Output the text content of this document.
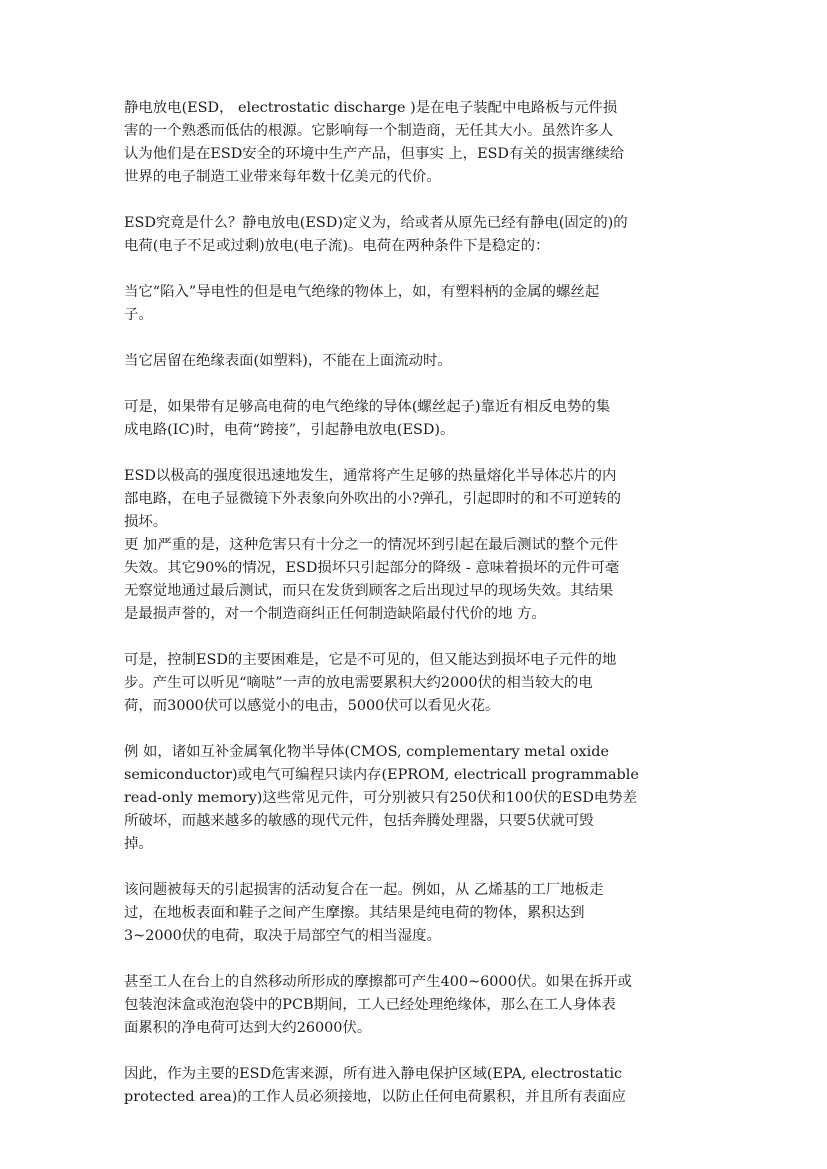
静电放电(ESD， electrostatic discharge )是在电子装配中电路板与元件损
害的一个熟悉而低估的根源。它影响每一个制造商，无任其大小。虽然许多人
认为他们是在ESD安全的环境中生产产品，但事实 上，ESD有关的损害继续给
世界的电子制造工业带来每年数十亿美元的代价。

ESD究竟是什么？静电放电(ESD)定义为，给或者从原先已经有静电(固定的)的
电荷(电子不足或过剩)放电(电子流)。电荷在两种条件下是稳定的：

当它“陷入”导电性的但是电气绝缘的物体上，如，有塑料柄的金属的螺丝起
子。

当它居留在绝缘表面(如塑料)，不能在上面流动时。

可是，如果带有足够高电荷的电气绝缘的导体(螺丝起子)靠近有相反电势的集
成电路(IC)时，电荷“跨接”，引起静电放电(ESD)。

ESD以极高的强度很迅速地发生，通常将产生足够的热量熔化半导体芯片的内
部电路，在电子显微镜下外表象向外吹出的小?弹孔，引起即时的和不可逆转的
损坏。

更 加严重的是，这种危害只有十分之一的情况坏到引起在最后测试的整个元件
失效。其它90%的情况，ESD损坏只引起部分的降级 - 意味着损坏的元件可毫
无察觉地通过最后测试，而只在发货到顾客之后出现过早的现场失效。其结果
是最损声誉的，对一个制造商纠正任何制造缺陷最付代价的地 方。

可是，控制ESD的主要困难是，它是不可见的，但又能达到损坏电子元件的地
步。产生可以听见“嘀哒”一声的放电需要累积大约2000伏的相当较大的电
荷，而3000伏可以感觉小的电击，5000伏可以看见火花。

例 如，诸如互补金属氧化物半导体(CMOS, complementary metal oxide
semiconductor)或电气可编程只读内存(EPROM, electricall programmable
read-only memory)这些常见元件，可分别被只有250伏和100伏的ESD电势差
所破坏，而越来越多的敏感的现代元件，包括奔腾处理器，只要5伏就可毁
掉。

该问题被每天的引起损害的活动复合在一起。例如，从 乙烯基的工厂地板走
过，在地板表面和鞋子之间产生摩擦。其结果是纯电荷的物体，累积达到
3~2000伏的电荷，取决于局部空气的相当湿度。

甚至工人在台上的自然移动所形成的摩擦都可产生400~6000伏。如果在拆开或
包装泡沫盒或泡泡袋中的PCB期间，工人已经处理绝缘体，那么在工人身体表
面累积的净电荷可达到大约26000伏。

因此，作为主要的ESD危害来源，所有进入静电保护区域(EPA, electrostatic
protected area)的工作人员必须接地，以防止任何电荷累积，并且所有表面应
